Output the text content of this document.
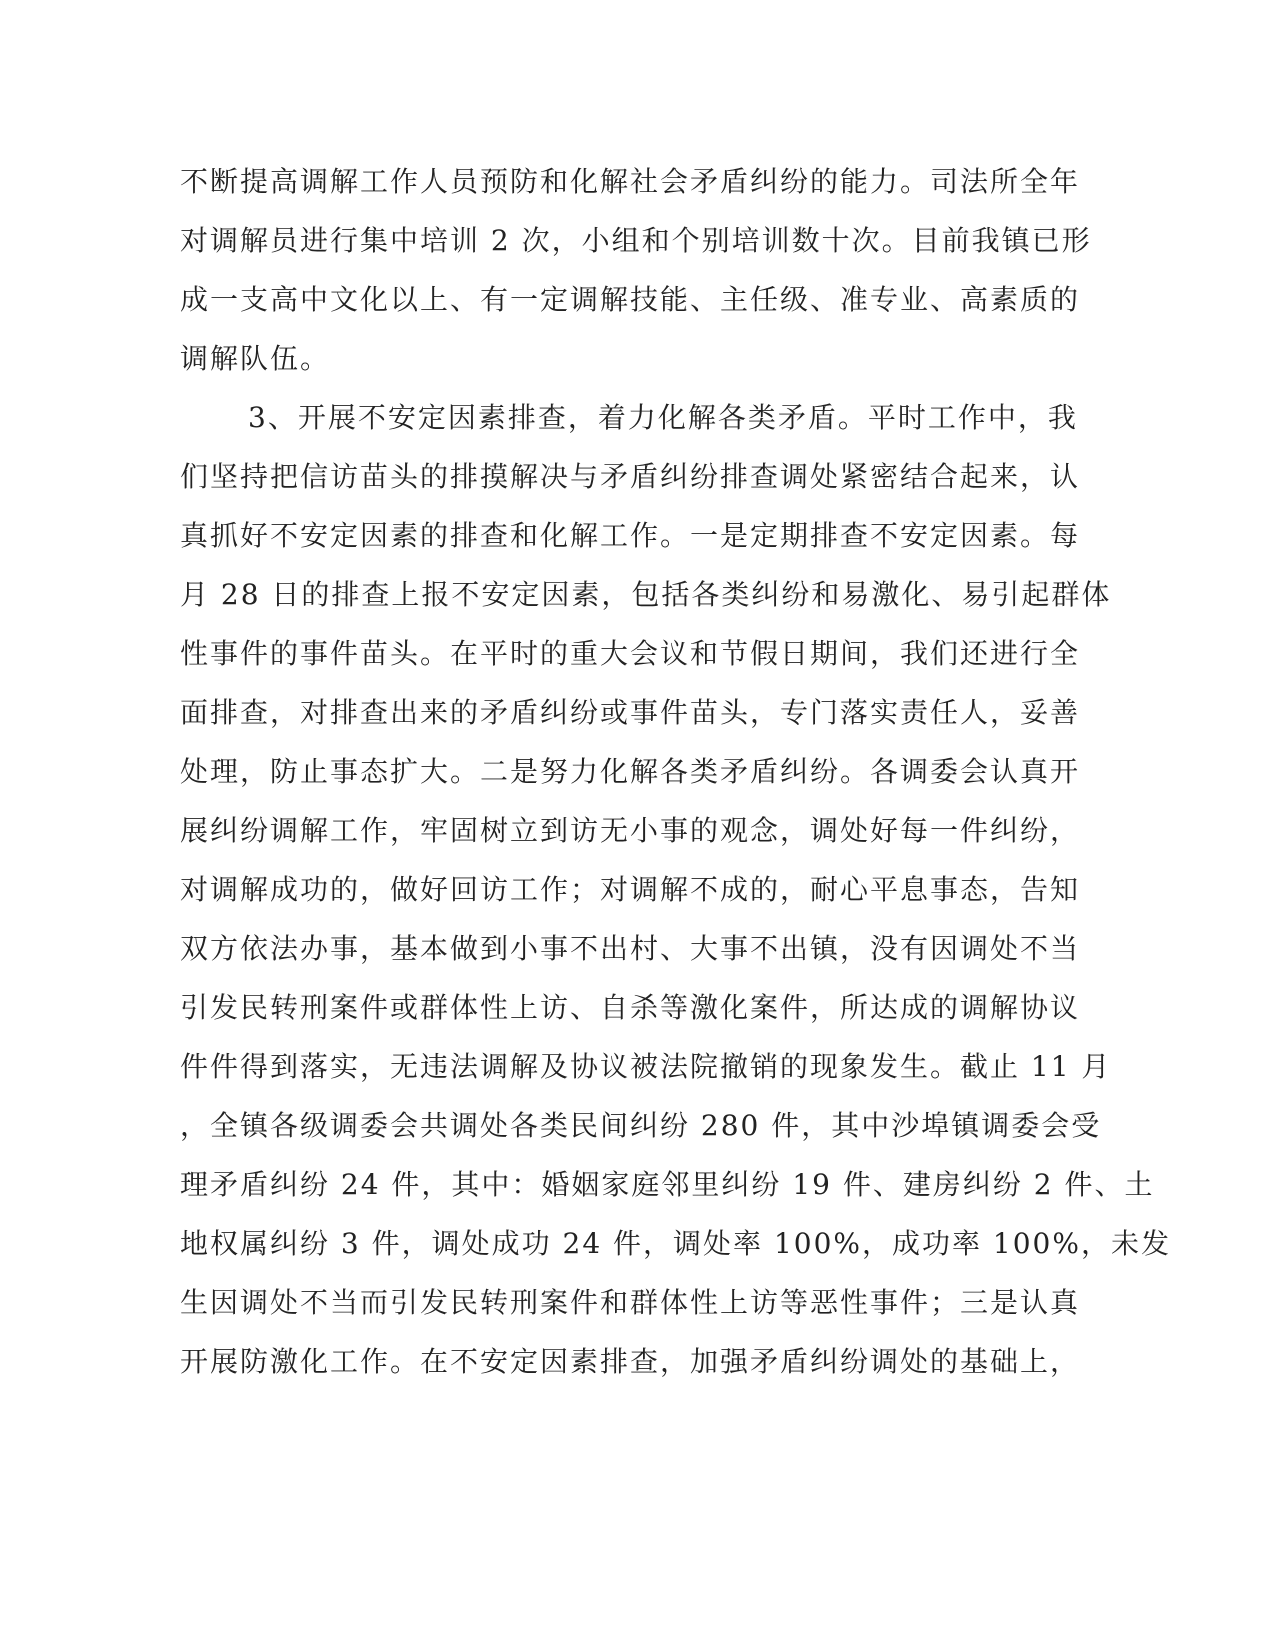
不断提高调解工作人员预防和化解社会矛盾纠纷的能力。司法所全年
对调解员进行集中培训 2 次，小组和个别培训数十次。目前我镇已形
成一支高中文化以上、有一定调解技能、主任级、准专业、高素质的
调解队伍。
3、开展不安定因素排查，着力化解各类矛盾。平时工作中，我
们坚持把信访苗头的排摸解决与矛盾纠纷排查调处紧密结合起来，认
真抓好不安定因素的排查和化解工作。一是定期排查不安定因素。每
月 28 日的排查上报不安定因素，包括各类纠纷和易激化、易引起群体
性事件的事件苗头。在平时的重大会议和节假日期间，我们还进行全
面排查，对排查出来的矛盾纠纷或事件苗头，专门落实责任人，妥善
处理，防止事态扩大。二是努力化解各类矛盾纠纷。各调委会认真开
展纠纷调解工作，牢固树立到访无小事的观念，调处好每一件纠纷，
对调解成功的，做好回访工作；对调解不成的，耐心平息事态，告知
双方依法办事，基本做到小事不出村、大事不出镇，没有因调处不当
引发民转刑案件或群体性上访、自杀等激化案件，所达成的调解协议
件件得到落实，无违法调解及协议被法院撤销的现象发生。截止 11 月
，全镇各级调委会共调处各类民间纠纷 280 件，其中沙埠镇调委会受
理矛盾纠纷 24 件，其中：婚姻家庭邻里纠纷 19 件、建房纠纷 2 件、土
地权属纠纷 3 件，调处成功 24 件，调处率 100%，成功率 100%，未发
生因调处不当而引发民转刑案件和群体性上访等恶性事件；三是认真
开展防激化工作。在不安定因素排查，加强矛盾纠纷调处的基础上，
